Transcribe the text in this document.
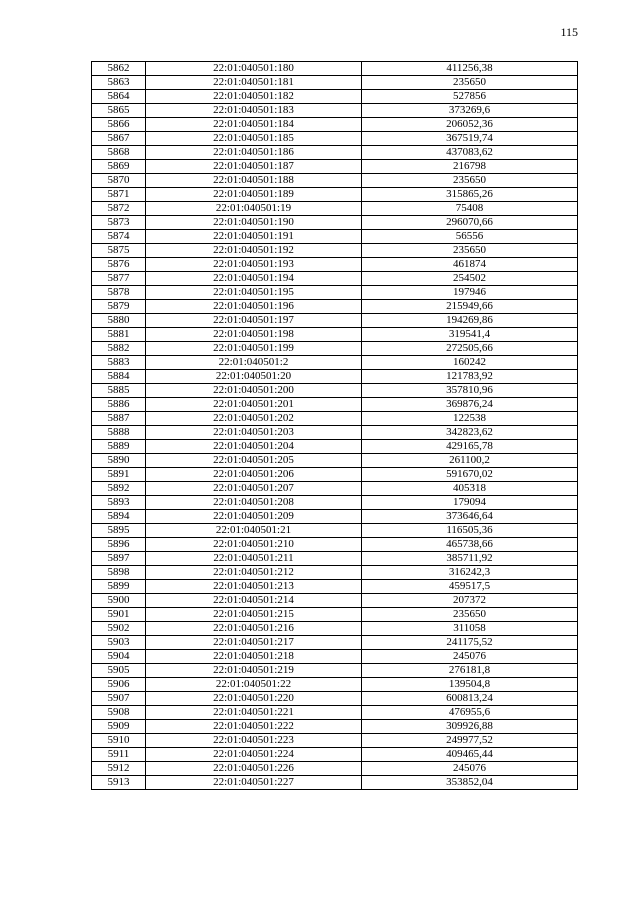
115
5862	22:01:040501:180	411256,38
5863	22:01:040501:181	235650
5864	22:01:040501:182	527856
5865	22:01:040501:183	373269,6
5866	22:01:040501:184	206052,36
5867	22:01:040501:185	367519,74
5868	22:01:040501:186	437083,62
5869	22:01:040501:187	216798
5870	22:01:040501:188	235650
5871	22:01:040501:189	315865,26
5872	22:01:040501:19	75408
5873	22:01:040501:190	296070,66
5874	22:01:040501:191	56556
5875	22:01:040501:192	235650
5876	22:01:040501:193	461874
5877	22:01:040501:194	254502
5878	22:01:040501:195	197946
5879	22:01:040501:196	215949,66
5880	22:01:040501:197	194269,86
5881	22:01:040501:198	319541,4
5882	22:01:040501:199	272505,66
5883	22:01:040501:2	160242
5884	22:01:040501:20	121783,92
5885	22:01:040501:200	357810,96
5886	22:01:040501:201	369876,24
5887	22:01:040501:202	122538
5888	22:01:040501:203	342823,62
5889	22:01:040501:204	429165,78
5890	22:01:040501:205	261100,2
5891	22:01:040501:206	591670,02
5892	22:01:040501:207	405318
5893	22:01:040501:208	179094
5894	22:01:040501:209	373646,64
5895	22:01:040501:21	116505,36
5896	22:01:040501:210	465738,66
5897	22:01:040501:211	385711,92
5898	22:01:040501:212	316242,3
5899	22:01:040501:213	459517,5
5900	22:01:040501:214	207372
5901	22:01:040501:215	235650
5902	22:01:040501:216	311058
5903	22:01:040501:217	241175,52
5904	22:01:040501:218	245076
5905	22:01:040501:219	276181,8
5906	22:01:040501:22	139504,8
5907	22:01:040501:220	600813,24
5908	22:01:040501:221	476955,6
5909	22:01:040501:222	309926,88
5910	22:01:040501:223	249977,52
5911	22:01:040501:224	409465,44
5912	22:01:040501:226	245076
5913	22:01:040501:227	353852,04
